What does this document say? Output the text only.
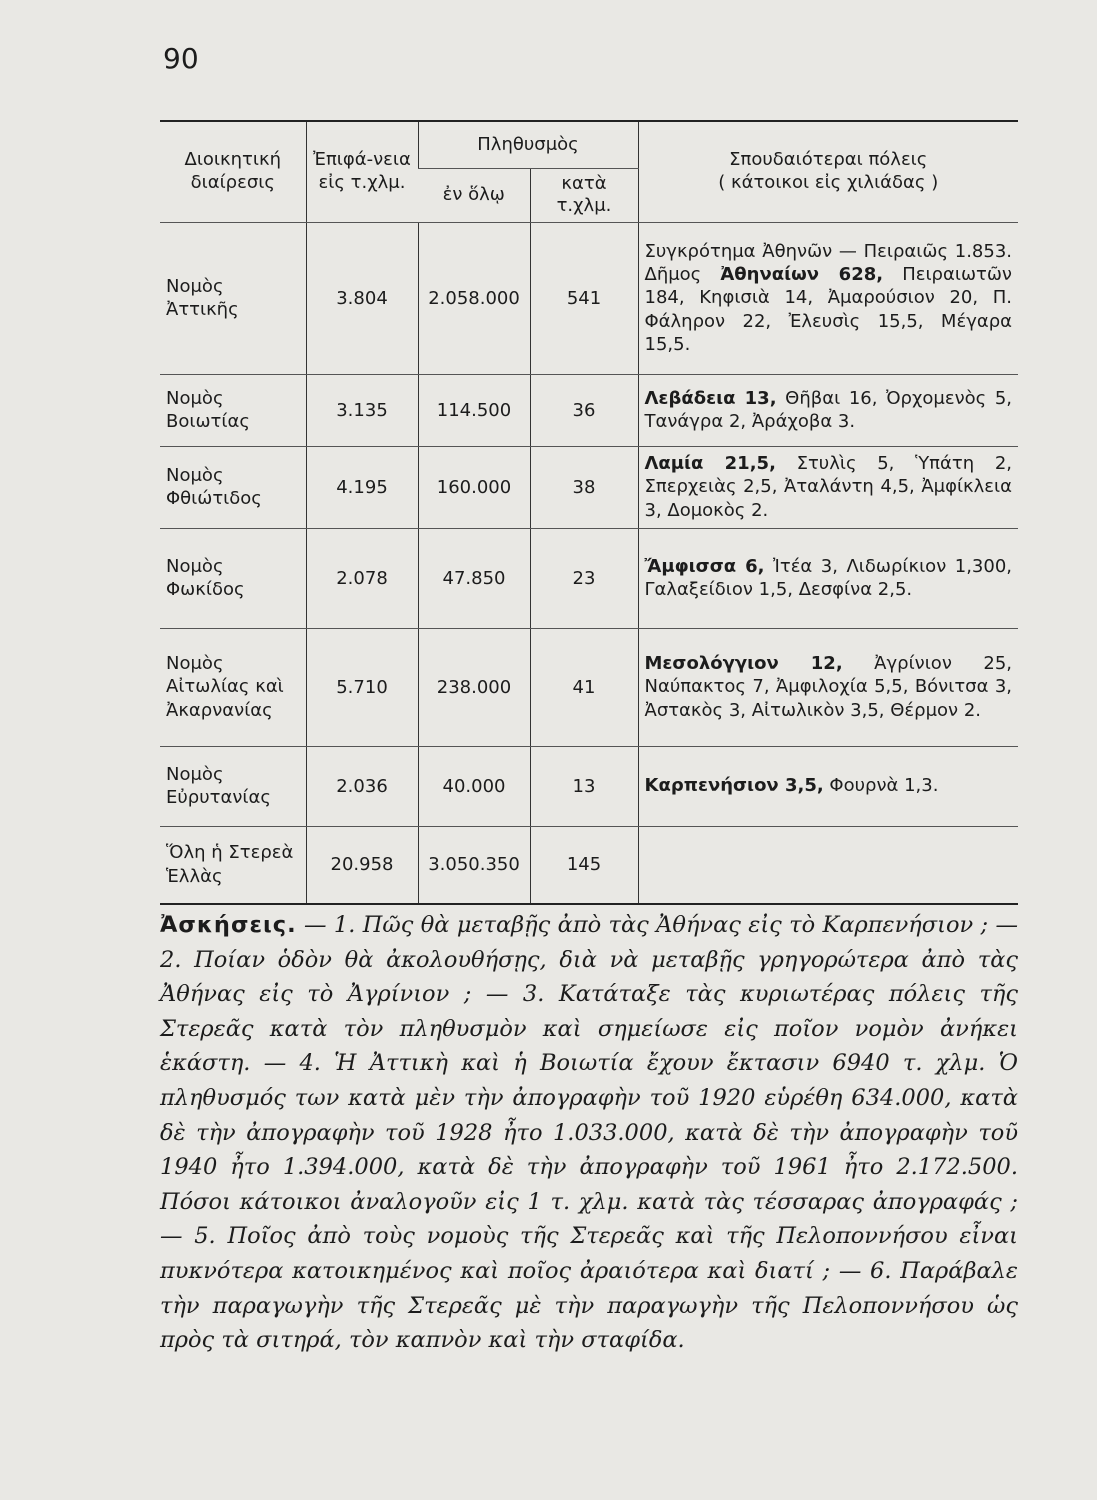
90
Διοικητική διαίρεσις	Ἐπιφά-νεια εἰς τ.χλμ.	Πληθυσμὸς		Σπουδαιότεραι πόλεις
( κάτοικοι εἰς χιλιάδας )

		ἐν ὅλῳ	κατὰ τ.χλμ.	
Νομὸς Ἀττικῆς	3.804	2.058.000	541	Συγκρότημα Ἀθηνῶν — Πειραιῶς 1.853. Δῆμος Ἀθηναίων 628, Πειραιωτῶν 184, Κηφισιὰ 14, Ἀμαρούσιον 20, Π. Φάληρον 22, Ἐλευσὶς 15,5, Μέγαρα 15,5.
Νομὸς Βοιωτίας	3.135	114.500	36	Λεβάδεια 13, Θῆβαι 16, Ὀρχομενὸς 5, Τανάγρα 2, Ἀράχοβα 3.
Νομὸς Φθιώτιδος	4.195	160.000	38	Λαμία 21,5, Στυλὶς 5, Ὑπάτη 2, Σπερχειὰς 2,5, Ἀταλάντη 4,5, Ἀμφίκλεια 3, Δομοκὸς 2.
Νομὸς Φωκίδος	2.078	47.850	23	Ἄμφισσα 6, Ἰτέα 3, Λιδωρίκιον 1,300, Γαλαξείδιον 1,5, Δεσφίνα 2,5.
Νομὸς Αἰτωλίας καὶ Ἀκαρνανίας	5.710	238.000	41	Μεσολόγγιον 12, Ἀγρίνιον 25, Ναύπακτος 7, Ἀμφιλοχία 5,5, Βόνιτσα 3, Ἀστακὸς 3, Αἰτωλικὸν 3,5, Θέρμον 2.
Νομὸς Εὐρυτανίας	2.036	40.000	13	Καρπενήσιον 3,5, Φουρνὰ 1,3.
Ὅλη ἡ Στερεὰ Ἑλλὰς	20.958	3.050.350	145	
Ἀσκήσεις. — 1. Πῶς θὰ μεταβῇς ἀπὸ τὰς Ἀθήνας εἰς τὸ Καρπενήσιον ; — 2. Ποίαν ὁδὸν θὰ ἀκολουθήσῃς, διὰ νὰ μεταβῇς γρηγορώτερα ἀπὸ τὰς Ἀθήνας εἰς τὸ Ἀγρίνιον ; — 3. Κατάταξε τὰς κυριωτέρας πόλεις τῆς Στερεᾶς κατὰ τὸν πληθυσμὸν καὶ σημείωσε εἰς ποῖον νομὸν ἀνήκει ἑκάστη. — 4. Ἡ Ἀττικὴ καὶ ἡ Βοιωτία ἔχουν ἔκτασιν 6940 τ. χλμ. Ὁ πληθυσμός των κατὰ μὲν τὴν ἀπογραφὴν τοῦ 1920 εὑρέθη 634.000, κατὰ δὲ τὴν ἀπογραφὴν τοῦ 1928 ἦτο 1.033.000, κατὰ δὲ τὴν ἀπογραφὴν τοῦ 1940 ἦτο 1.394.000, κατὰ δὲ τὴν ἀπογραφὴν τοῦ 1961 ἦτο 2.172.500. Πόσοι κάτοικοι ἀναλογοῦν εἰς 1 τ. χλμ. κατὰ τὰς τέσσαρας ἀπογραφάς ; — 5. Ποῖος ἀπὸ τοὺς νομοὺς τῆς Στερεᾶς καὶ τῆς Πελοποννήσου εἶναι πυκνότερα κατοικημένος καὶ ποῖος ἀραιότερα καὶ διατί ; — 6. Παράβαλε τὴν παραγωγὴν τῆς Στερεᾶς μὲ τὴν παραγωγὴν τῆς Πελοποννήσου ὡς πρὸς τὰ σιτηρά, τὸν καπνὸν καὶ τὴν σταφίδα.
